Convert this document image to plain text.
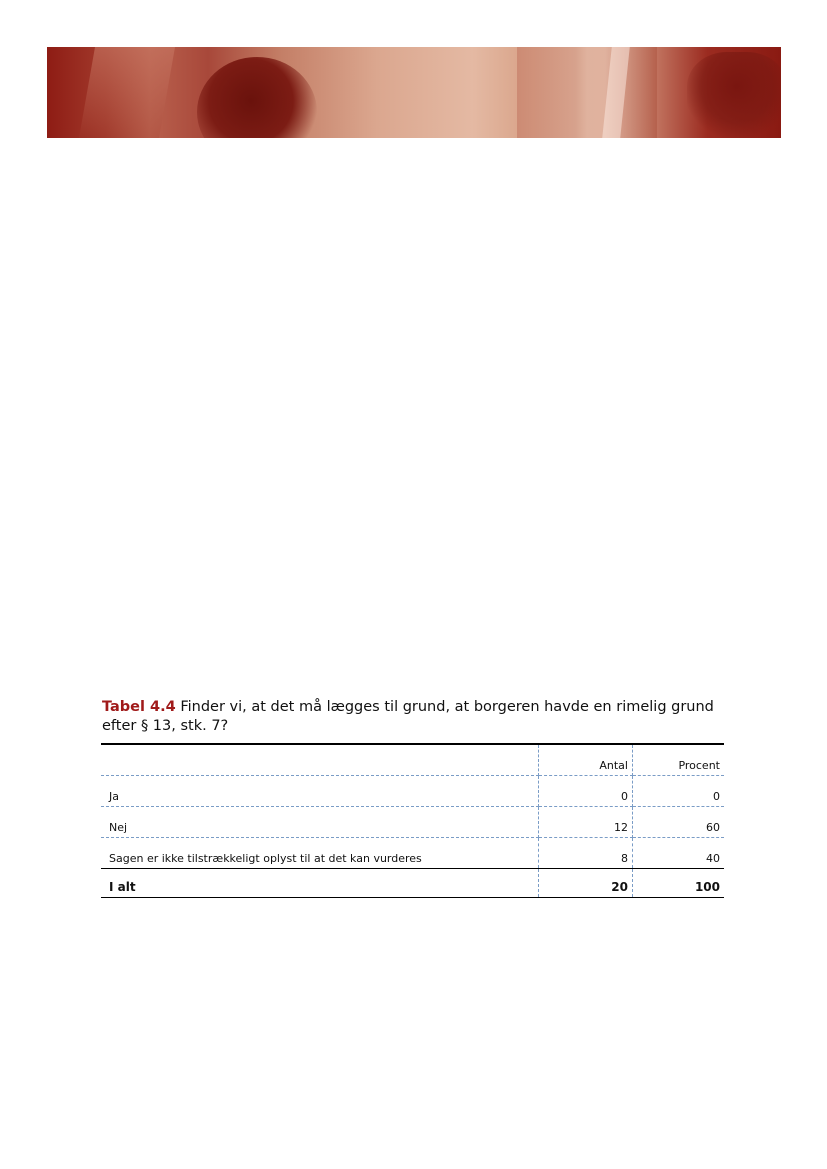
Tabel 4.4 Finder vi, at det må lægges til grund, at borgeren havde en rimelig grund efter § 13, stk. 7?
	Antal	Procent
Ja	0	0
Nej	12	60
Sagen er ikke tilstrækkeligt oplyst til at det kan vurderes	8	40
I alt	20	100
